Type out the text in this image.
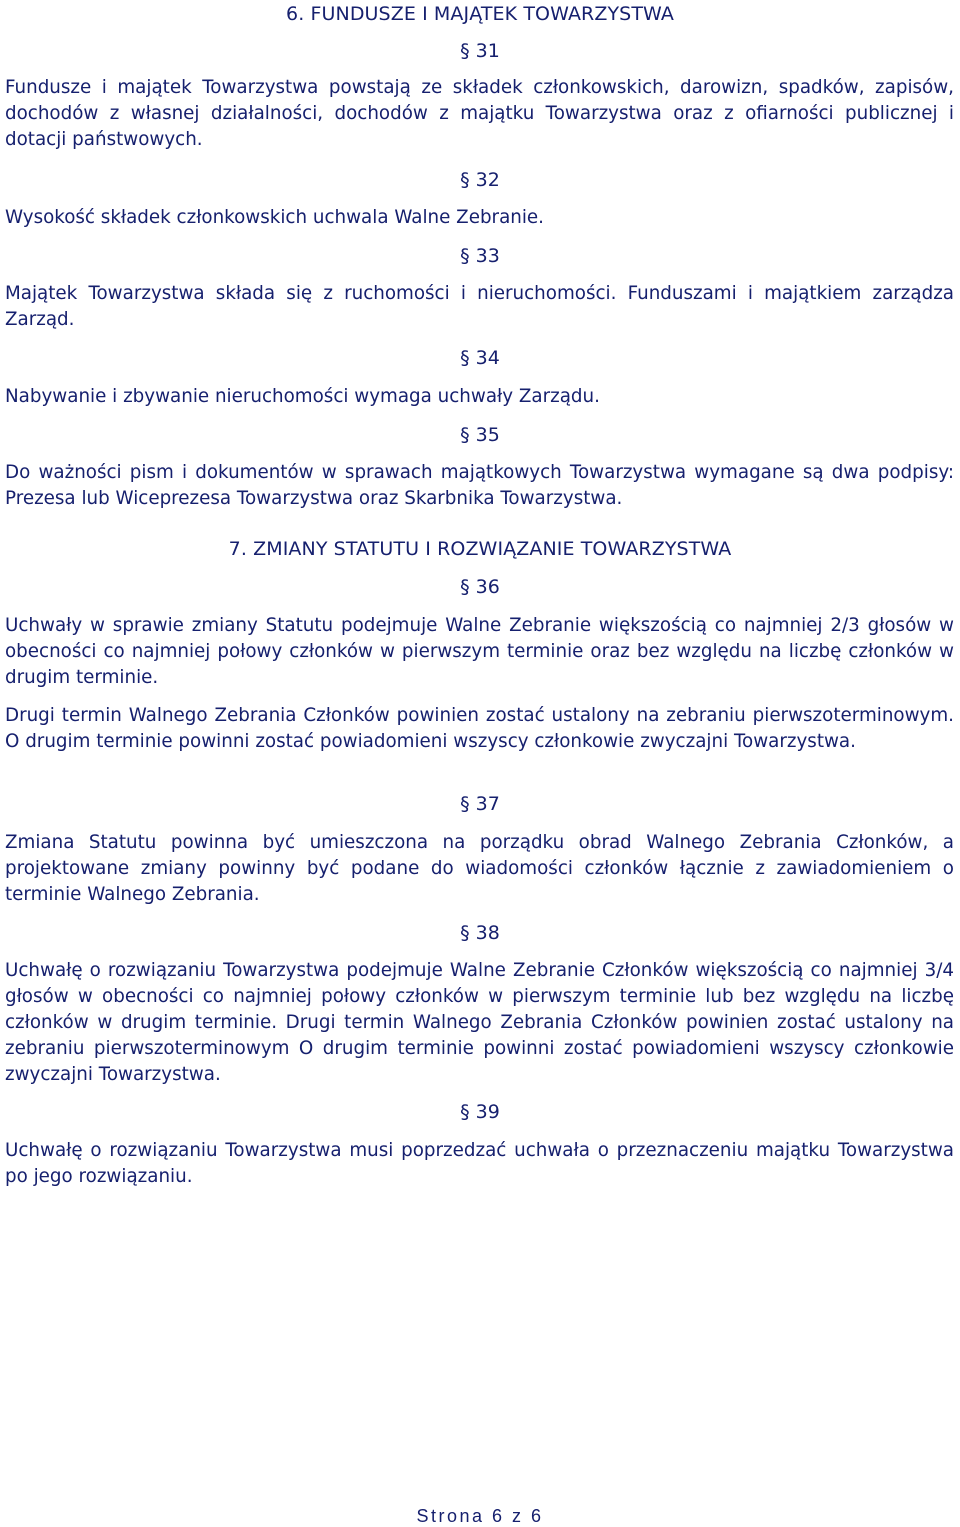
6. FUNDUSZE I MAJĄTEK TOWARZYSTWA
§ 31

Fundusze i majątek Towarzystwa powstają ze składek członkowskich, darowizn, spadków, zapisów, dochodów z własnej działalności, dochodów z majątku Towarzystwa oraz z ofiarności publicznej i dotacji państwowych.

§ 32

Wysokość składek członkowskich uchwala Walne Zebranie.

§ 33

Majątek Towarzystwa składa się z ruchomości i nieruchomości. Funduszami i majątkiem zarządza Zarząd.

§ 34

Nabywanie i zbywanie nieruchomości wymaga uchwały Zarządu.

§ 35

Do ważności pism i dokumentów w sprawach majątkowych Towarzystwa wymagane są dwa podpisy: Prezesa lub Wiceprezesa Towarzystwa oraz Skarbnika Towarzystwa.

7. ZMIANY STATUTU I ROZWIĄZANIE TOWARZYSTWA
§ 36

Uchwały w sprawie zmiany Statutu podejmuje Walne Zebranie większością co najmniej 2/3 głosów w obecności co najmniej połowy członków w pierwszym terminie oraz bez względu na liczbę członków w drugim terminie.

Drugi termin Walnego Zebrania Członków powinien zostać ustalony na zebraniu pierwszoterminowym. O drugim terminie powinni zostać powiadomieni wszyscy członkowie zwyczajni Towarzystwa.

§ 37

Zmiana Statutu powinna być umieszczona na porządku obrad Walnego Zebrania Członków, a projektowane zmiany powinny być podane do wiadomości członków łącznie z zawiadomieniem o terminie Walnego Zebrania.

§ 38

Uchwałę o rozwiązaniu Towarzystwa podejmuje Walne Zebranie Członków większością co najmniej 3/4 głosów w obecności co najmniej połowy członków w pierwszym terminie lub bez względu na liczbę członków w drugim terminie. Drugi termin Walnego Zebrania Członków powinien zostać ustalony na zebraniu pierwszoterminowym O drugim terminie powinni zostać powiadomieni wszyscy członkowie zwyczajni Towarzystwa.

§ 39

Uchwałę o rozwiązaniu Towarzystwa musi poprzedzać uchwała o przeznaczeniu majątku Towarzystwa po jego rozwiązaniu.

Strona 6 z 6
